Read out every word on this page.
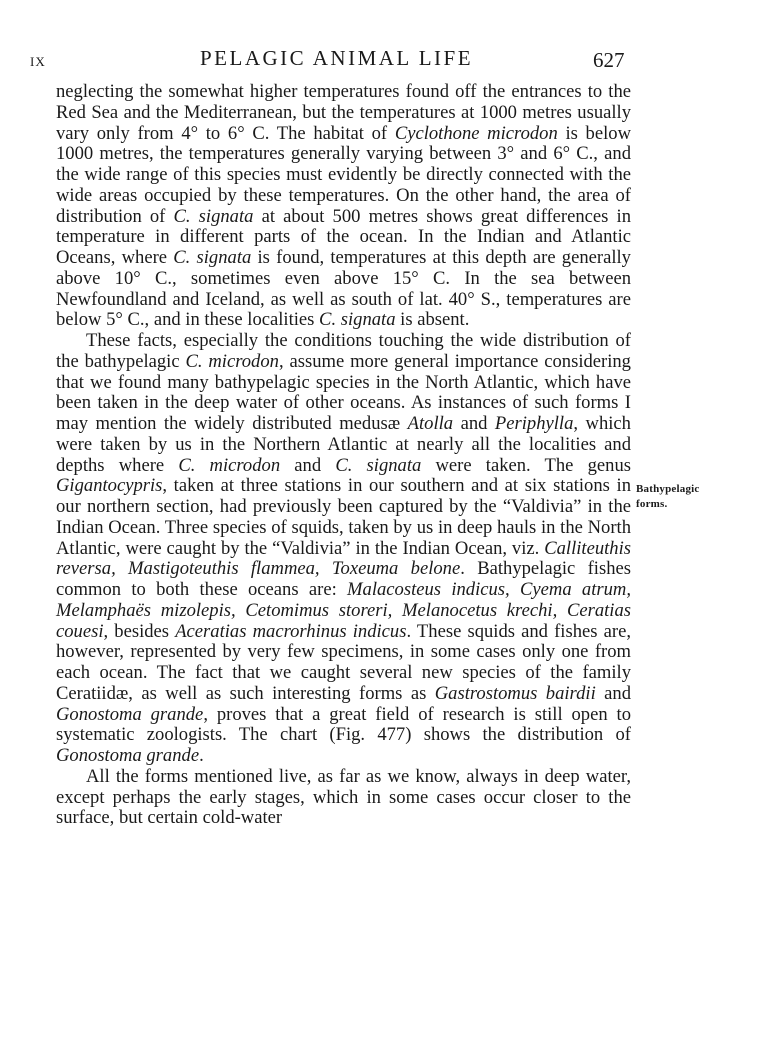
IX	PELAGIC ANIMAL LIFE	627

neglecting the somewhat higher temperatures found off the entrances to the Red Sea and the Mediterranean, but the temperatures at 1000 metres usually vary only from 4° to 6° C. The habitat of Cyclothone microdon is below 1000 metres, the temperatures generally varying between 3° and 6° C., and the wide range of this species must evidently be directly connected with the wide areas occupied by these temperatures. On the other hand, the area of distribution of C. signata at about 500 metres shows great differences in temperature in different parts of the ocean. In the Indian and Atlantic Oceans, where C. signata is found, temperatures at this depth are generally above 10° C., sometimes even above 15° C. In the sea between Newfoundland and Iceland, as well as south of lat. 40° S., temperatures are below 5° C., and in these localities C. signata is absent.

These facts, especially the conditions touching the wide distribution of the bathypelagic C. microdon, assume more general importance considering that we found many bathypelagic species in the North Atlantic, which have been taken in the deep water of other oceans. As instances of such forms I may mention the widely distributed medusæ Atolla and Periphylla, which were taken by us in the Northern Atlantic at nearly all the localities and depths where C. microdon and C. signata were taken. The genus Gigantocypris, taken at three stations in our southern and at six stations in our northern section, had previously been captured by the “Valdivia” in the Indian Ocean. Three species of squids, taken by us in deep hauls in the North Atlantic, were caught by the “Valdivia” in the Indian Ocean, viz. Calliteuthis reversa, Mastigoteuthis flammea, Toxeuma belone. Bathypelagic fishes common to both these oceans are: Malacosteus indicus, Cyema atrum, Melamphaës mizolepis, Cetomimus storeri, Melanocetus krechi, Ceratias couesi, besides Aceratias macrorhinus indicus. These squids and fishes are, however, represented by very few specimens, in some cases only one from each ocean. The fact that we caught several new species of the family Ceratiidæ, as well as such interesting forms as Gastrostomus bairdii and Gonostoma grande, proves that a great field of research is still open to systematic zoologists. The chart (Fig. 477) shows the distribution of Gonostoma grande.

All the forms mentioned live, as far as we know, always in deep water, except perhaps the early stages, which in some cases occur closer to the surface, but certain cold-water

Bathypelagic
forms.
